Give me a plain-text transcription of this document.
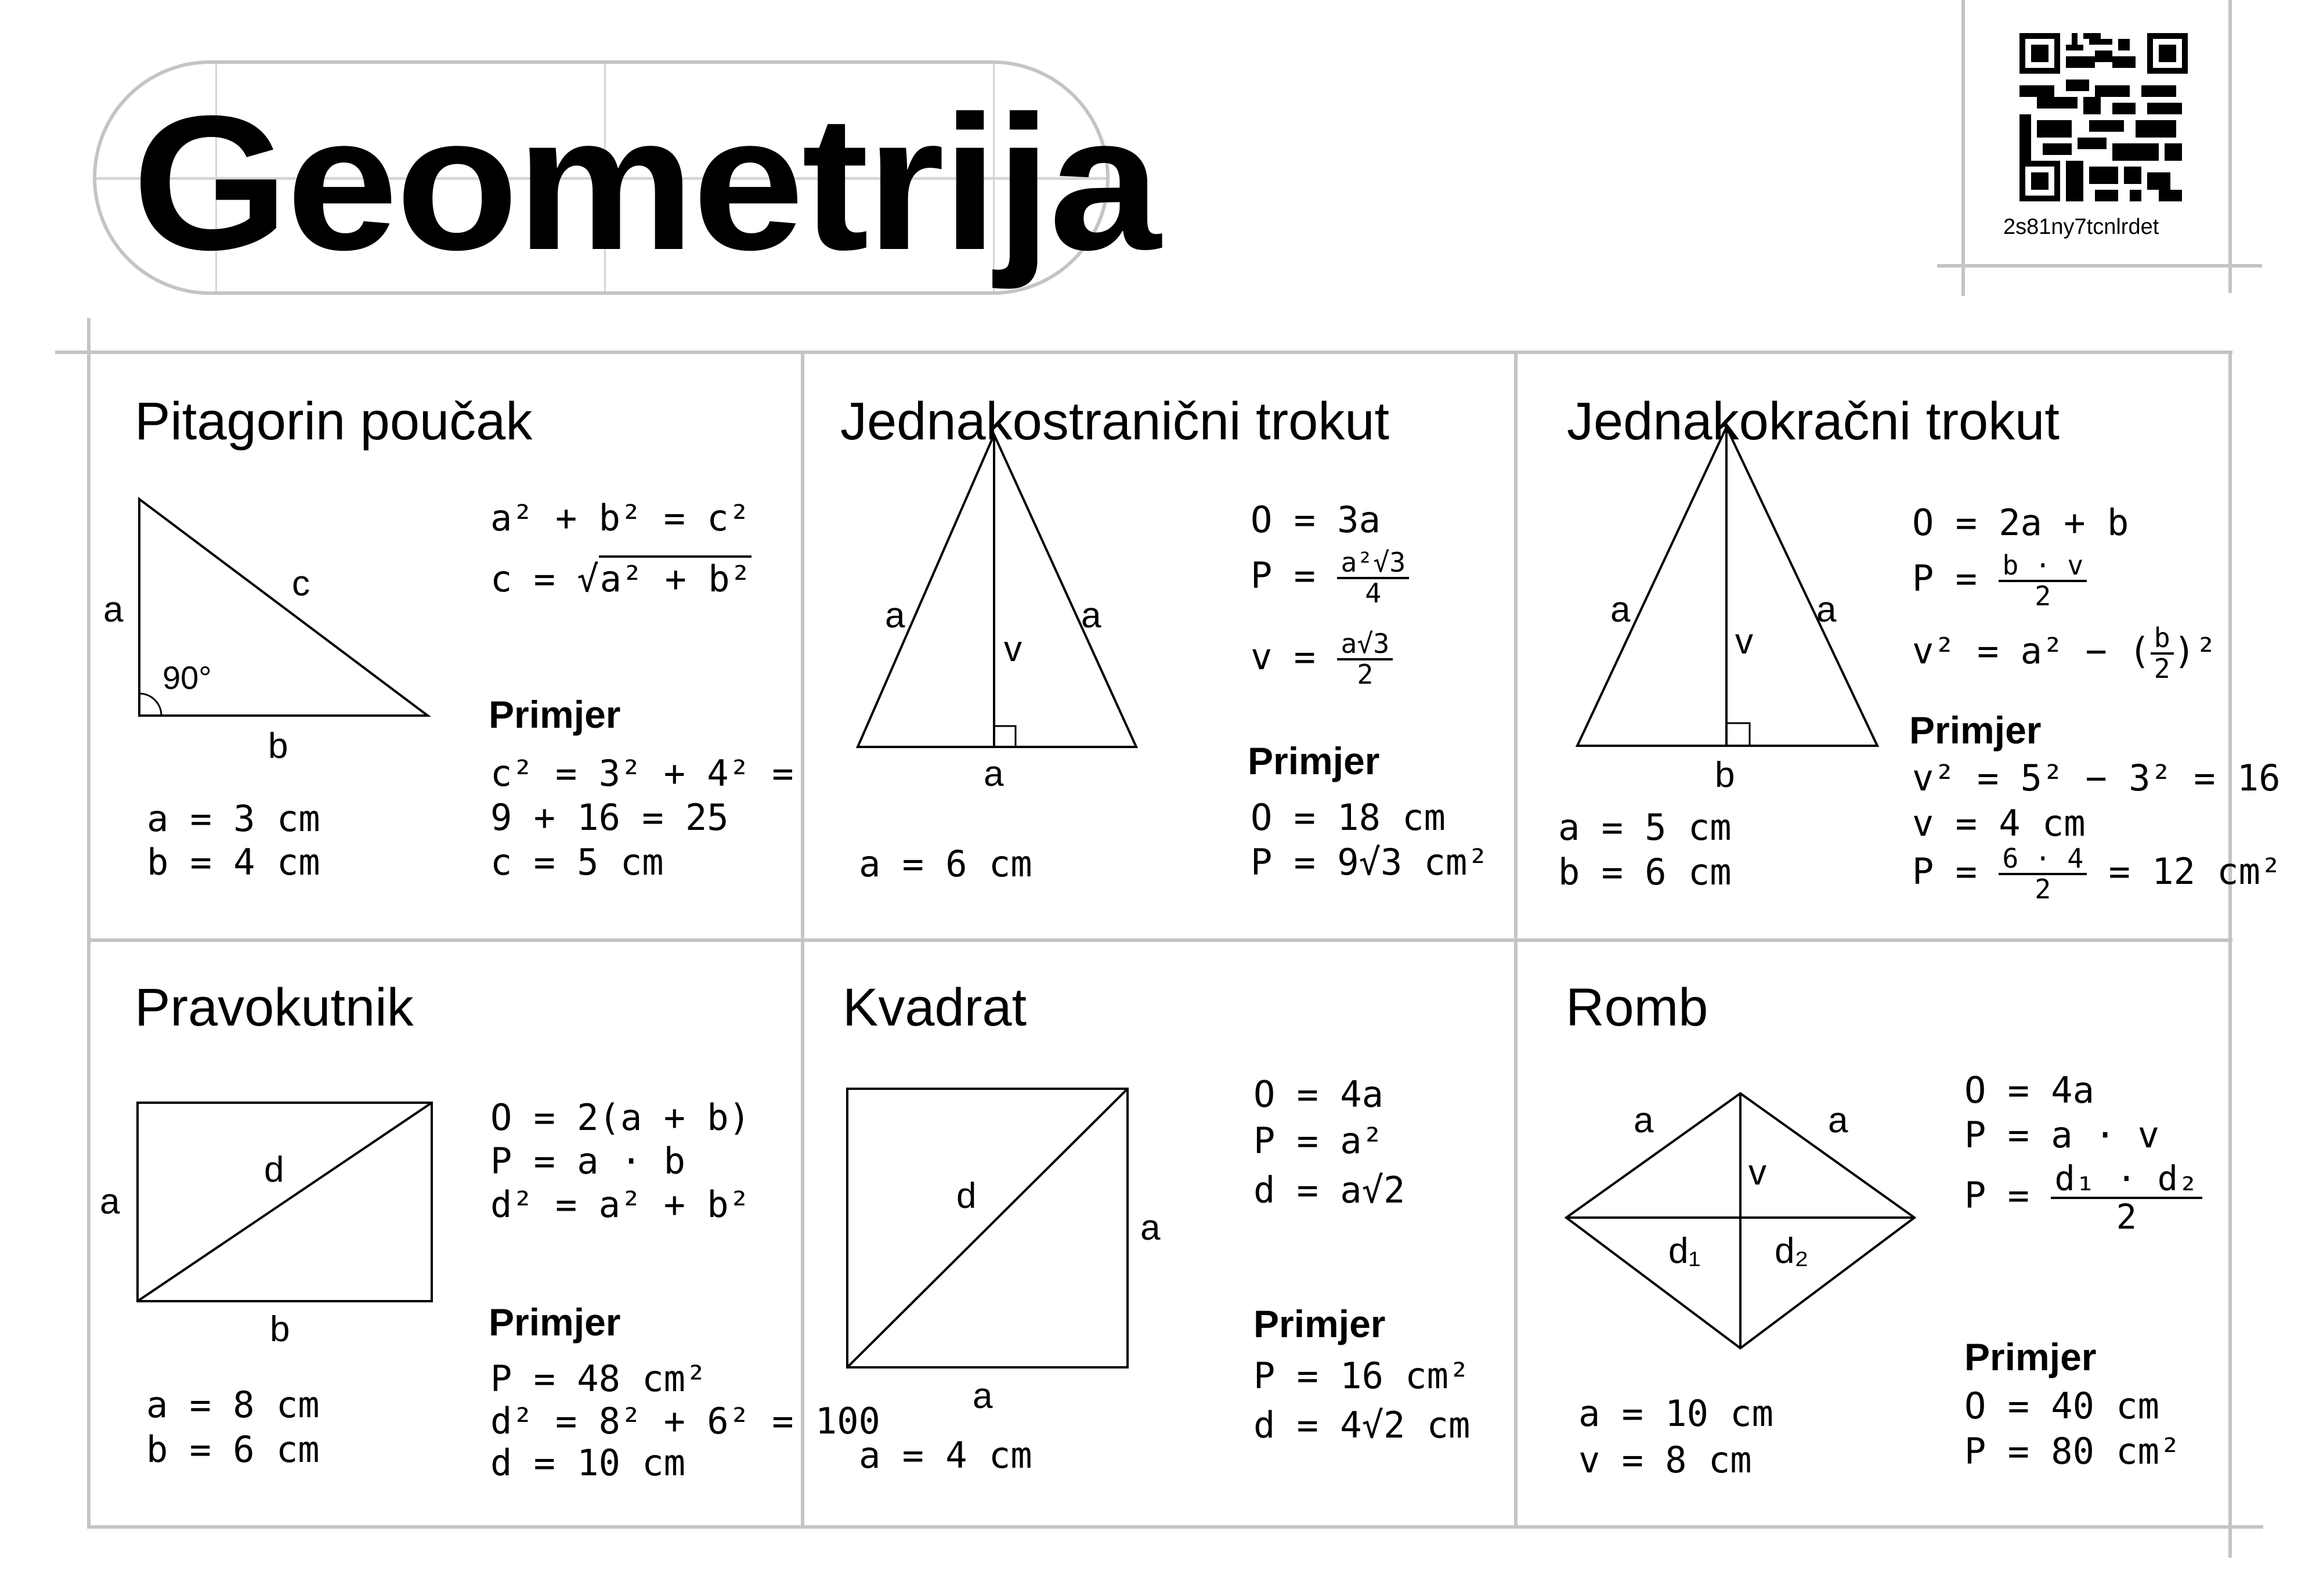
Geometrija	2s81ny7tcnlrdet
Pitagorin poučak
a
c
90°
b
a² + b² = c²
c = √a² + b²
Primjer
c² = 3² + 4² =
9 + 16 = 25
c = 5 cm
a = 3 cm
b = 4 cm
Jednakostranični trokut
a	a
v
a
O = 3a
$P = \frac{\text{a²√3}}{4}$
$v = \frac{a√3}{2}$
Primjer
O = 18 cm
P = 9√3 cm²
a = 6 cm
Jednakokračni trokut
a	a
v
b
O = 2a + b
$P = \frac{b \cdot v}{2}$
v² = a² − ( $\frac{b}{2} )^2$
Primjer
v² = 5² − 3² = 16
v = 4 cm
$P = \frac{6 \cdot 4}{2} = 12$ cm²
a = 5 cm
b = 6 cm
Pravokutnik
a
d
b
O = 2(a + b)
P = a · b
d² = a² + b²
Primjer
P = 48 cm²
d² = 8² + 6² = 100
d = 10 cm
a = 8 cm
b = 6 cm
Kvadrat
d
a
a
O = 4a
P = a²
d = a√2
Primjer
P = 16 cm²
d = 4√2 cm
a = 4 cm
Romb
a	a
v
d₁ d₂
O = 4a
P = a · v
$P = \frac{\text{d₁ · d₂}}{2}$
Primjer
O = 40 cm
P = 80 cm²
a = 10 cm
v = 8 cm
